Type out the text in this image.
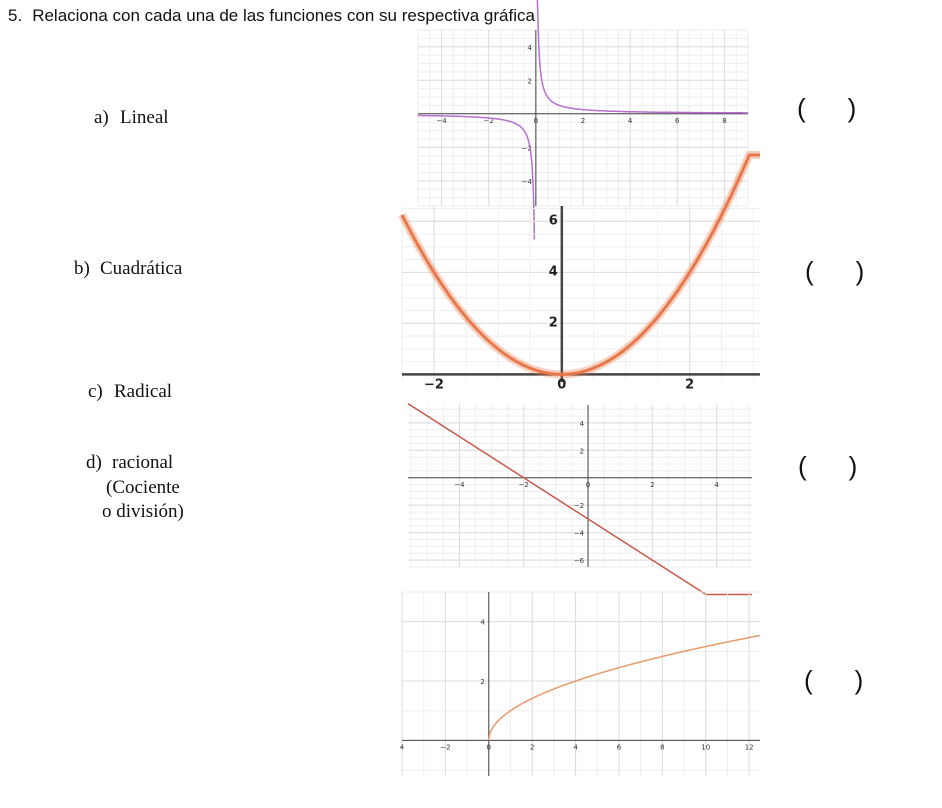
5. Relaciona con cada una de las funciones con su respectiva gráfica
a) Lineal
b) Cuadrática
c) Radical
d) racional
(Cociente
o división)
( )
( )
( )
( )
−4	−2	0	2	4	6	8
4
2
−2
−4
−2	0	2
6
4
2
−4	−2	0	2	4
4
2
−2
−4
−6
4	−2	0	2	4	6	8	10	12
4
2
